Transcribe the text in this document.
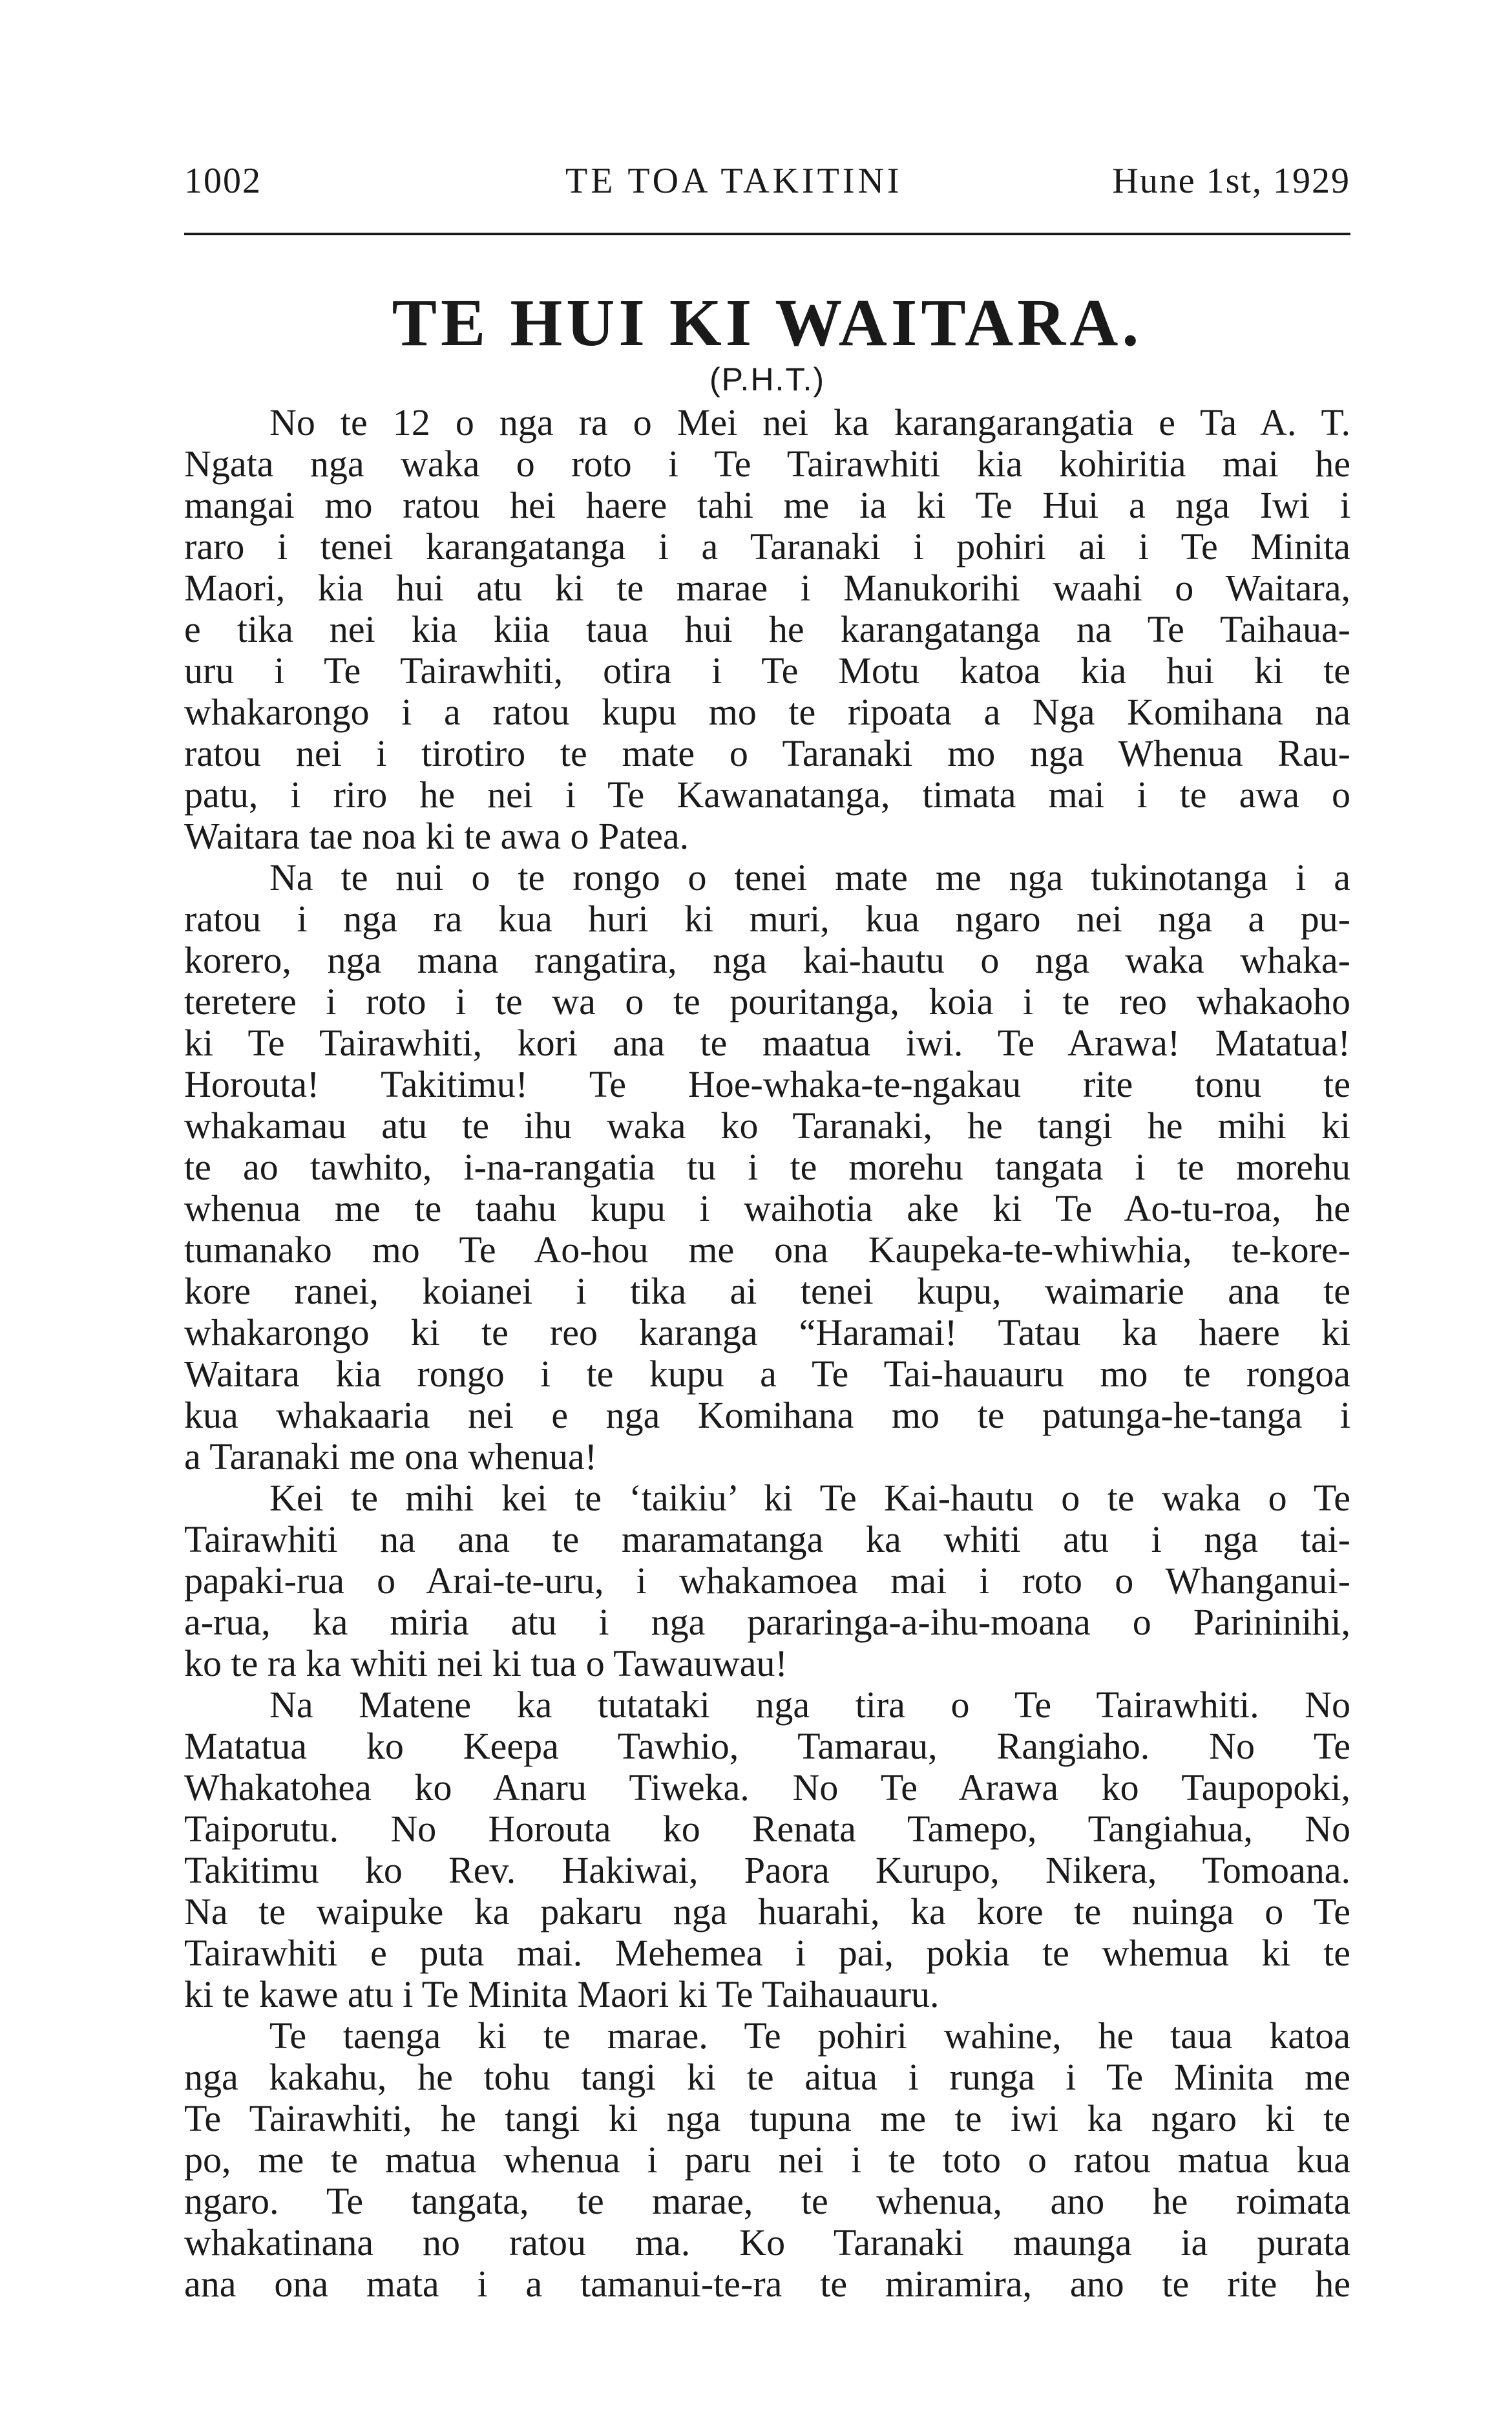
1002	TE TOA TAKITINI	Hune 1st, 1929
TE HUI KI WAITARA.
(P.H.T.)
No te 12 o nga ra o Mei nei ka karangarangatia e Ta A. T.
Ngata nga waka o roto i Te Tairawhiti kia kohiritia mai he
mangai mo ratou hei haere tahi me ia ki Te Hui a nga Iwi i
raro i tenei karangatanga i a Taranaki i pohiri ai i Te Minita
Maori, kia hui atu ki te marae i Manukorihi waahi o Waitara,
e tika nei kia kiia taua hui he karangatanga na Te Taihaua-
uru i Te Tairawhiti, otira i Te Motu katoa kia hui ki te
whakarongo i a ratou kupu mo te ripoata a Nga Komihana na
ratou nei i tirotiro te mate o Taranaki mo nga Whenua Rau-
patu, i riro he nei i Te Kawanatanga, timata mai i te awa o
Waitara tae noa ki te awa o Patea.
Na te nui o te rongo o tenei mate me nga tukinotanga i a
ratou i nga ra kua huri ki muri, kua ngaro nei nga a pu-
korero, nga mana rangatira, nga kai-hautu o nga waka whaka-
teretere i roto i te wa o te pouritanga, koia i te reo whakaoho
ki Te Tairawhiti, kori ana te maatua iwi. Te Arawa! Matatua!
Horouta! Takitimu! Te Hoe-whaka-te-ngakau rite tonu te
whakamau atu te ihu waka ko Taranaki, he tangi he mihi ki
te ao tawhito, i-na-rangatia tu i te morehu tangata i te morehu
whenua me te taahu kupu i waihotia ake ki Te Ao-tu-roa, he
tumanako mo Te Ao-hou me ona Kaupeka-te-whiwhia, te-kore-
kore ranei, koianei i tika ai tenei kupu, waimarie ana te
whakarongo ki te reo karanga “Haramai! Tatau ka haere ki
Waitara kia rongo i te kupu a Te Tai-hauauru mo te rongoa
kua whakaaria nei e nga Komihana mo te patunga-he-tanga i
a Taranaki me ona whenua!
Kei te mihi kei te ‘taikiu’ ki Te Kai-hautu o te waka o Te
Tairawhiti na ana te maramatanga ka whiti atu i nga tai-
papaki-rua o Arai-te-uru, i whakamoea mai i roto o Whanganui-
a-rua, ka miria atu i nga pararinga-a-ihu-moana o Parininihi,
ko te ra ka whiti nei ki tua o Tawauwau!
Na Matene ka tutataki nga tira o Te Tairawhiti. No
Matatua ko Keepa Tawhio, Tamarau, Rangiaho. No Te
Whakatohea ko Anaru Tiweka. No Te Arawa ko Taupopoki,
Taiporutu. No Horouta ko Renata Tamepo, Tangiahua, No
Takitimu ko Rev. Hakiwai, Paora Kurupo, Nikera, Tomoana.
Na te waipuke ka pakaru nga huarahi, ka kore te nuinga o Te
Tairawhiti e puta mai. Mehemea i pai, pokia te whemua ki te
ki te kawe atu i Te Minita Maori ki Te Taihauauru.
Te taenga ki te marae. Te pohiri wahine, he taua katoa
nga kakahu, he tohu tangi ki te aitua i runga i Te Minita me
Te Tairawhiti, he tangi ki nga tupuna me te iwi ka ngaro ki te
po, me te matua whenua i paru nei i te toto o ratou matua kua
ngaro. Te tangata, te marae, te whenua, ano he roimata
whakatinana no ratou ma. Ko Taranaki maunga ia purata
ana ona mata i a tamanui-te-ra te miramira, ano te rite he
